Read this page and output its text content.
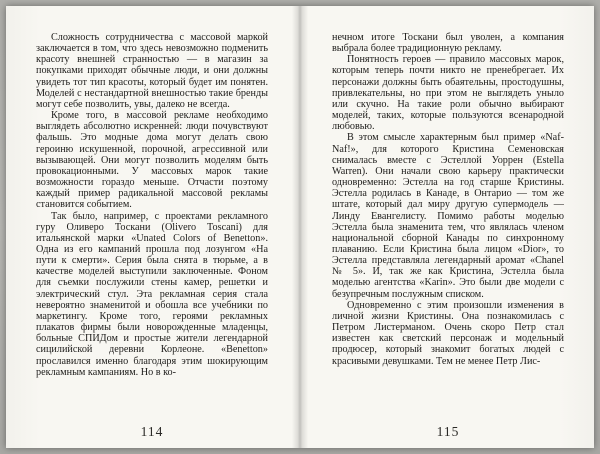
Сложность сотрудничества с массовой маркой заключается в том, что здесь невозможно подменить красоту внешней странностью — в магазин за покупками приходят обычные люди, и они должны увидеть тот тип красоты, который будет им понятен. Моделей с нестандартной внешностью такие бренды могут себе позволить, увы, далеко не всегда.

Кроме того, в массовой рекламе необходимо выглядеть абсолютно искренней: люди почувствуют фальшь. Это модные дома могут делать свою героиню искушенной, порочной, агрессивной или вызывающей. Они могут позволить моделям быть провокационными. У массовых марок такие возможности гораздо меньше. Отчасти поэтому каждый пример радикальной массовой рекламы становится событием.

Так было, например, с проектами рекламного гуру Оливеро Тоскани (Olivero Toscani) для итальянской марки «Unated Colors of Benetton». Одна из его кампаний прошла под лозунгом «На пути к смерти». Серия была снята в тюрьме, а в качестве моделей выступили заключенные. Фоном для съемки послужили стены камер, решетки и электрический стул. Эта рекламная серия стала невероятно знаменитой и обошла все учебники по маркетингу. Кроме того, героями рекламных плакатов фирмы были новорожденные младенцы, больные СПИДом и простые жители легендарной сицилийской деревни Корлеоне. «Benetton» прославился именно благодаря этим шокирующим рекламным кампаниям. Но в ко-

114

нечном итоге Тоскани был уволен, а компания выбрала более традиционную рекламу.

Понятность героев — правило массовых марок, которым теперь почти никто не пренебрегает. Их персонажи должны быть обаятельны, простодушны, привлекательны, но при этом не выглядеть уныло или скучно. На такие роли обычно выбирают моделей, таких, которые пользуются всенародной любовью.

В этом смысле характерным был пример «Naf-Naf!», для которого Кристина Семеновская снималась вместе с Эстеллой Уоррен (Estella Warren). Они начали свою карьеру практически одновременно: Эстелла на год старше Кристины. Эстелла родилась в Канаде, в Онтарио — том же штате, который дал миру другую супермодель — Линду Евангелисту. Помимо работы моделью Эстелла была знаменита тем, что являлась членом национальной сборной Канады по синхронному плаванию. Если Кристина была лицом «Dior», то Эстелла представляла легендарный аромат «Chanel № 5». И, так же как Кристина, Эстелла была моделью агентства «Karin». Это были две модели с безупречным послужным списком.

Одновременно с этим произошли изменения в личной жизни Кристины. Она познакомилась с Петром Листерманом. Очень скоро Петр стал известен как светский персонаж и модельный продюсер, который знакомит богатых людей с красивыми девушками. Тем не менее Петр Лис-

115
